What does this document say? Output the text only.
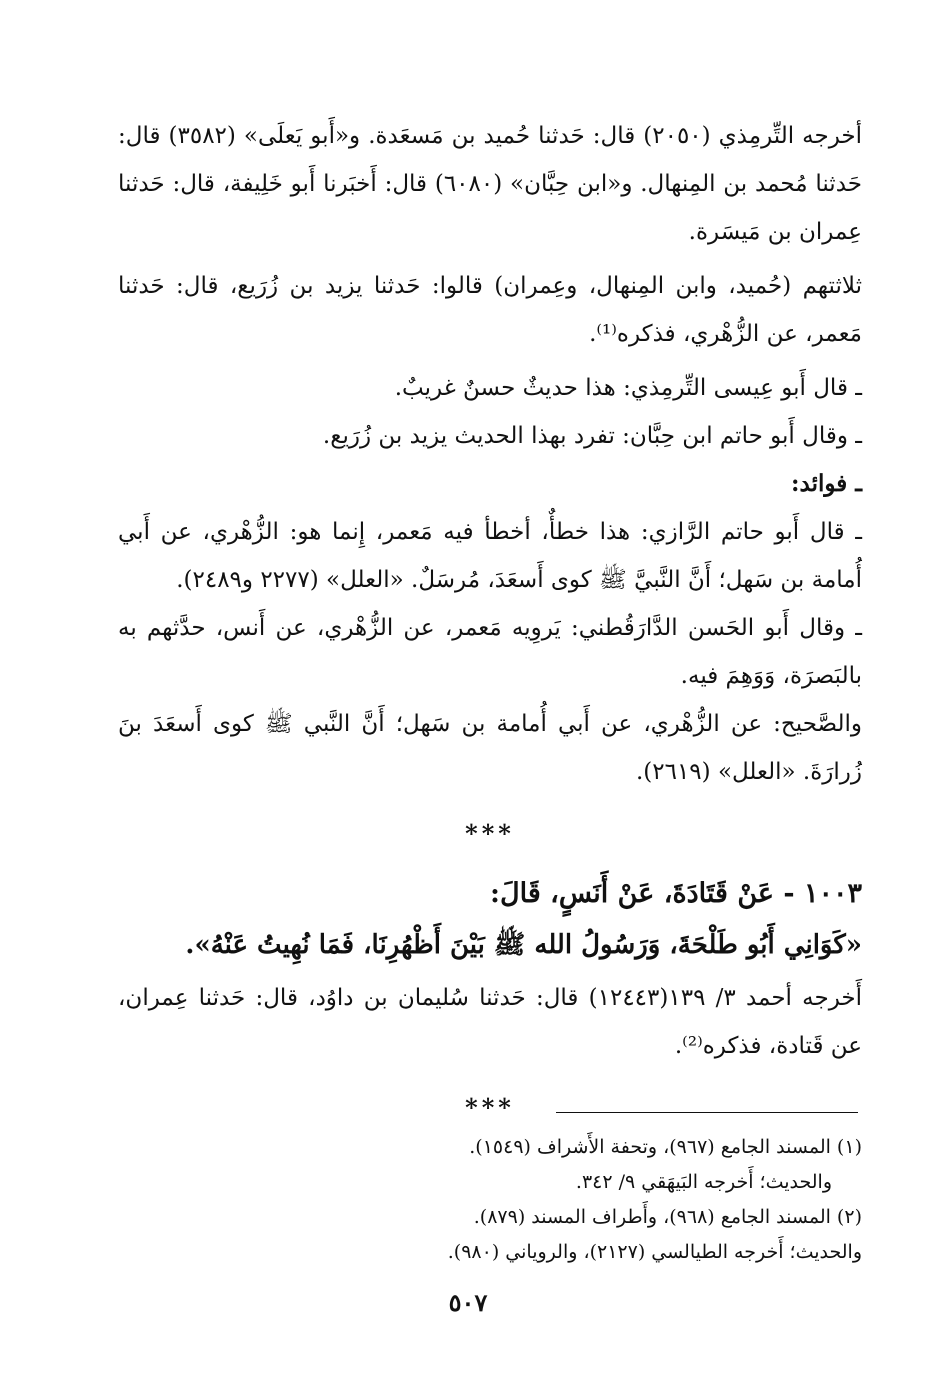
أخرجه التِّرمِذي (٢٠٥٠) قال: حَدثنا حُميد بن مَسعَدة. و«أَبو يَعلَى» (٣٥٨٢) قال: حَدثنا مُحمد بن المِنهال. و«ابن حِبَّان» (٦٠٨٠) قال: أَخبَرنا أَبو خَلِيفة، قال: حَدثنا عِمران بن مَيسَرة.

ثلاثتهم (حُميد، وابن المِنهال، وعِمران) قالوا: حَدثنا يزيد بن زُرَيع، قال: حَدثنا مَعمر، عن الزُّهْري، فذكره⁽¹⁾.

ـ قال أَبو عِيسى التِّرمِذي: هذا حديثٌ حسنٌ غريبٌ.

ـ وقال أَبو حاتم ابن حِبَّان: تفرد بهذا الحديث يزيد بن زُرَيع.

ـ فوائد:

ـ قال أَبو حاتم الرَّازي: هذا خطأٌ، أخطأ فيه مَعمر، إِنما هو: الزُّهْري، عن أَبي أُمامة بن سَهل؛ أَنَّ النَّبيَّ ﷺ كوى أَسعَدَ، مُرسَلٌ. «العلل» (٢٢٧٧ و٢٤٨٩).

ـ وقال أَبو الحَسن الدَّارَقُطني: يَروِيه مَعمر، عن الزُّهْري، عن أَنس، حدَّثهم به بالبَصرَة، وَوَهِمَ فيه.

والصَّحيح: عن الزُّهْري، عن أَبي أُمامة بن سَهل؛ أَنَّ النَّبي ﷺ كوى أَسعَدَ بنَ زُرارَةَ. «العلل» (٢٦١٩).

***

١٠٠٣ - عَنْ قَتَادَةَ، عَنْ أَنَسٍ، قَالَ:

«كَوَانِي أَبُو طَلْحَةَ، وَرَسُولُ الله ﷺ بَيْنَ أَظْهُرِنَا، فَمَا نُهِيتُ عَنْهُ».

أَخرجه أحمد ٣/ ١٣٩(١٢٤٤٣) قال: حَدثنا سُليمان بن داوُد، قال: حَدثنا عِمران، عن قَتادة، فذكره⁽²⁾.

***

(١) المسند الجامع (٩٦٧)، وتحفة الأَشراف (١٥٤٩).

والحديث؛ أَخرجه البَيهَقي ٩/ ٣٤٢.

(٢) المسند الجامع (٩٦٨)، وأَطراف المسند (٨٧٩).

والحديث؛ أَخرجه الطيالسي (٢١٢٧)، والروياني (٩٨٠).

٥٠٧
